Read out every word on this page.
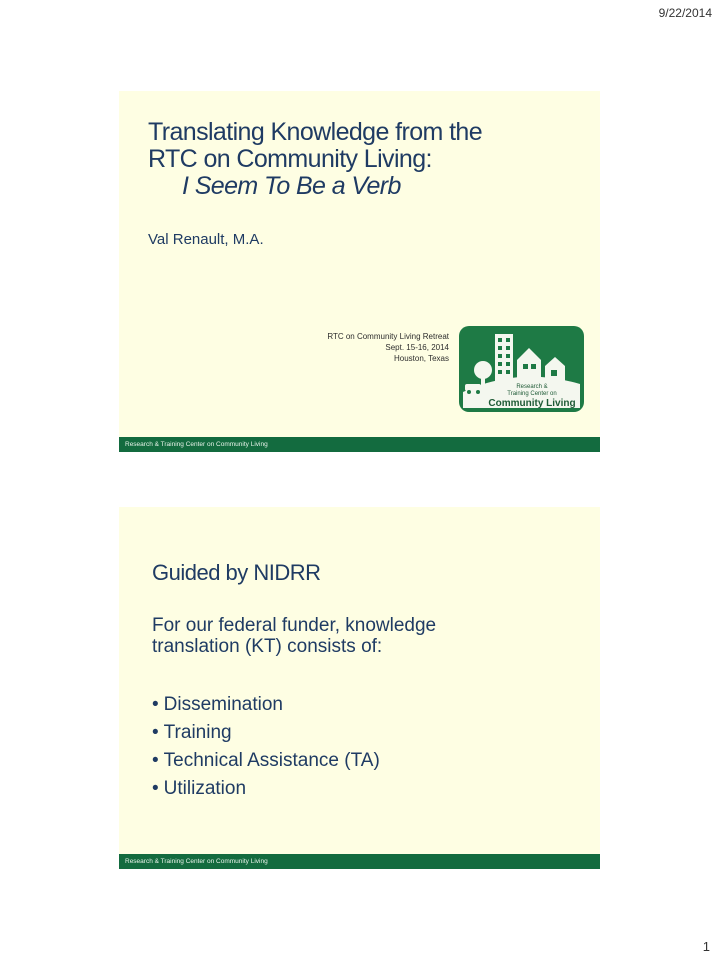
9/22/2014
Translating Knowledge from the
RTC on Community Living:
I Seem To Be a Verb
Val Renault, M.A.
RTC on Community Living Retreat
Sept. 15-16, 2014
Houston, Texas
Research &
Training Center on
Community Living
Research & Training Center on Community Living
Guided by NIDRR
For our federal funder, knowledge
translation (KT) consists of:
• Dissemination
• Training
• Technical Assistance (TA)
• Utilization
Research & Training Center on Community Living
1
